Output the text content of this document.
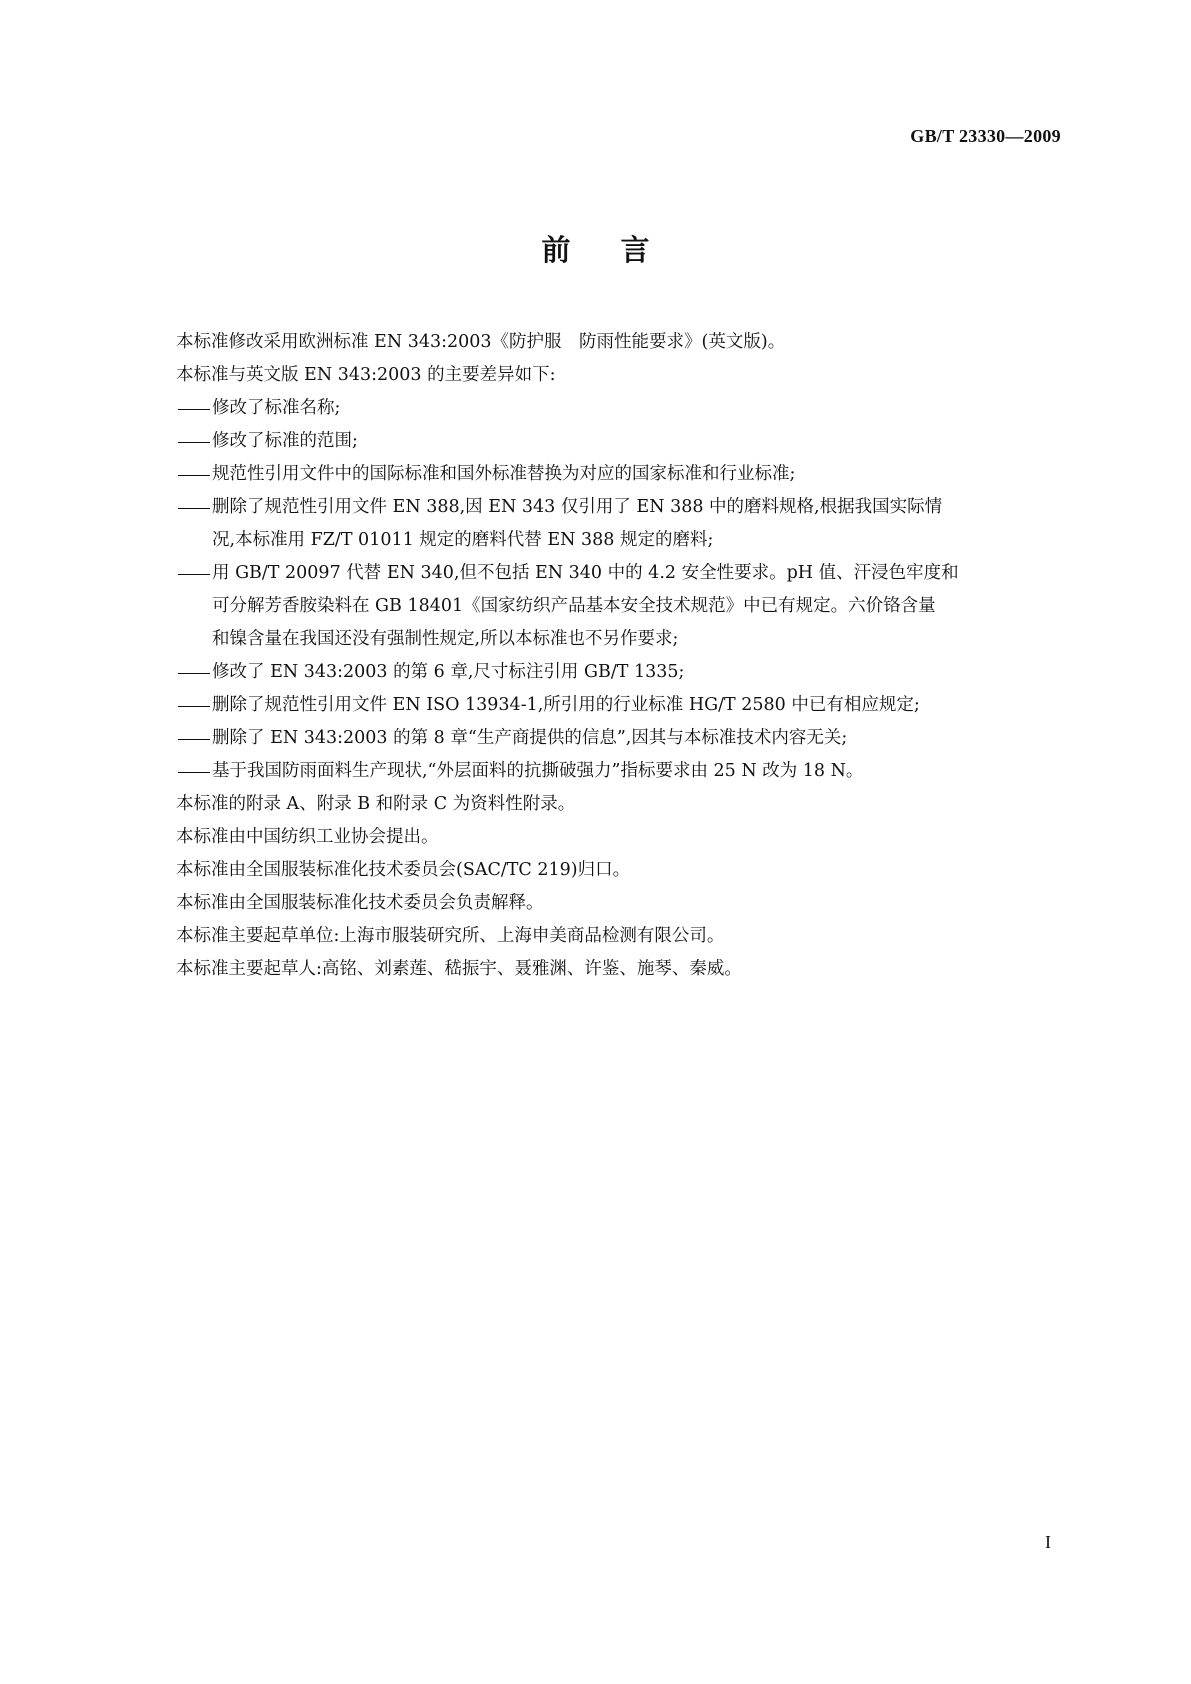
GB/T 23330—2009
前言

本标准修改采用欧洲标准 EN 343:2003《防护服　防雨性能要求》(英文版)。

本标准与英文版 EN 343:2003 的主要差异如下:

修改了标准名称;
修改了标准的范围;
规范性引用文件中的国际标准和国外标准替换为对应的国家标准和行业标准;
删除了规范性引用文件 EN 388,因 EN 343 仅引用了 EN 388 中的磨料规格,根据我国实际情
况,本标准用 FZ/T 01011 规定的磨料代替 EN 388 规定的磨料;
用 GB/T 20097 代替 EN 340,但不包括 EN 340 中的 4.2 安全性要求。pH 值、汗浸色牢度和
可分解芳香胺染料在 GB 18401《国家纺织产品基本安全技术规范》中已有规定。六价铬含量
和镍含量在我国还没有强制性规定,所以本标准也不另作要求;
修改了 EN 343:2003 的第 6 章,尺寸标注引用 GB/T 1335;
删除了规范性引用文件 EN ISO 13934-1,所引用的行业标准 HG/T 2580 中已有相应规定;
删除了 EN 343:2003 的第 8 章“生产商提供的信息”,因其与本标准技术内容无关;
基于我国防雨面料生产现状,“外层面料的抗撕破强力”指标要求由 25 N 改为 18 N。

本标准的附录 A、附录 B 和附录 C 为资料性附录。

本标准由中国纺织工业协会提出。

本标准由全国服装标准化技术委员会(SAC/TC 219)归口。

本标准由全国服装标准化技术委员会负责解释。

本标准主要起草单位:上海市服装研究所、上海申美商品检测有限公司。

本标准主要起草人:高铭、刘素莲、嵇振宇、聂雅渊、许鉴、施琴、秦威。

I
